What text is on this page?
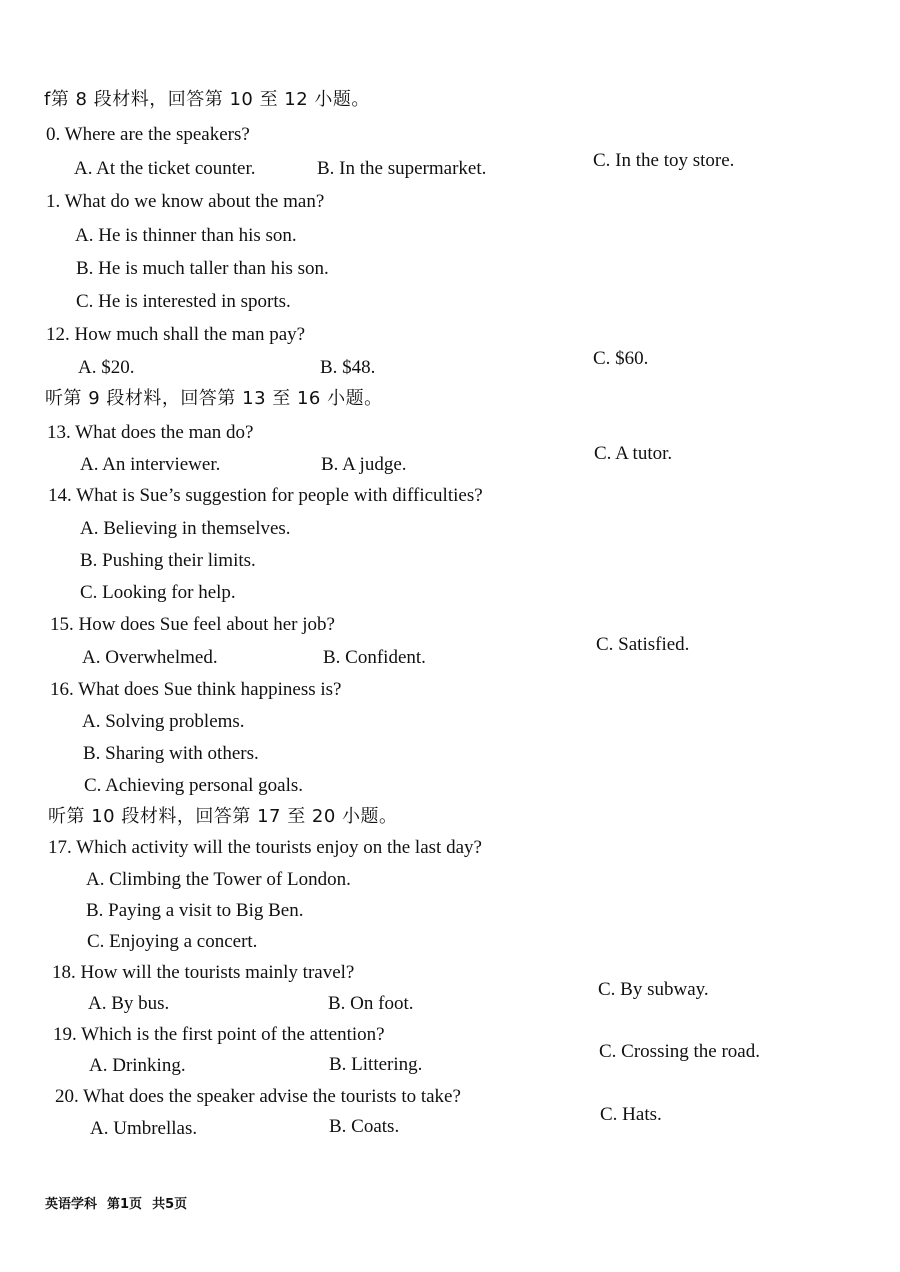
f第 8 段材料，回答第 10 至 12 小题。
0. Where are the speakers?
A. At the ticket counter.	B. In the supermarket.	C. In the toy store.
1. What do we know about the man?
A. He is thinner than his son.
B. He is much taller than his son.
C. He is interested in sports.
12. How much shall the man pay?
A. $20.	B. $48.	C. $60.
听第 9 段材料，回答第 13 至 16 小题。
13. What does the man do?
A. An interviewer.	B. A judge.
C. A tutor.
14. What is Sue’s suggestion for people with difficulties?
A. Believing in themselves.
B. Pushing their limits.
C. Looking for help.
15. How does Sue feel about her job?
A. Overwhelmed.	B. Confident.
C. Satisfied.
16. What does Sue think happiness is?
A. Solving problems.
B. Sharing with others.
C. Achieving personal goals.
听第 10 段材料，回答第 17 至 20 小题。
17. Which activity will the tourists enjoy on the last day?
A. Climbing the Tower of London.
B. Paying a visit to Big Ben.
C. Enjoying a concert.
18. How will the tourists mainly travel?
A. By bus.	B. On foot.
C. By subway.
19. Which is the first point of the attention?
A. Drinking.	B. Littering.
C. Crossing the road.
20. What does the speaker advise the tourists to take?
A. Umbrellas.	B. Coats.
C. Hats.
英语学科 第1页 共5页
